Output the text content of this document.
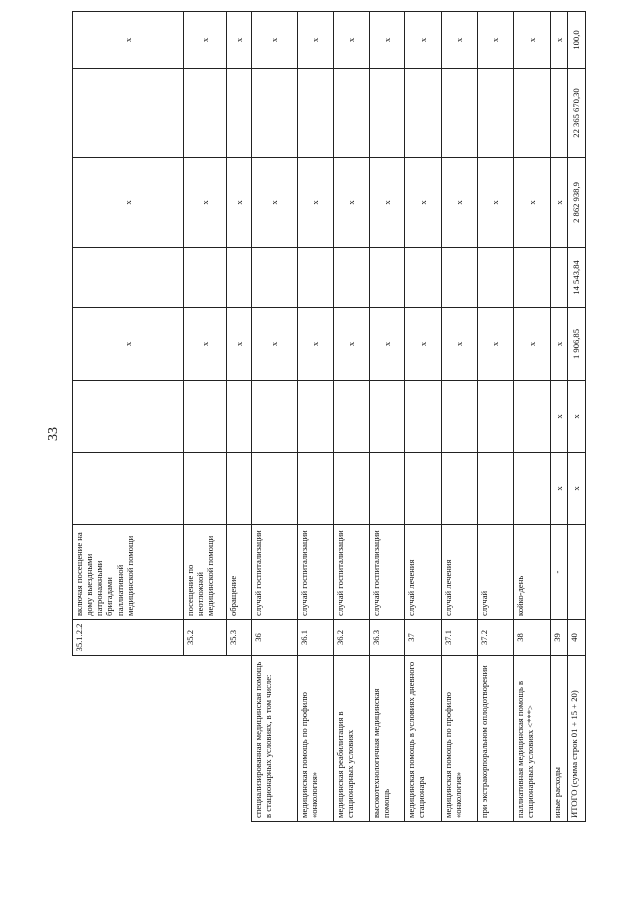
33
	35.1.2.2	включая посещение на дому выездными патронажными бригадами паллиативной медицинской помощи			x		x		x
	35.2	посещение по неотложной медицинской помощи			x		x		x
	35.3	обращение			x		x		x
специализированная медицинская помощь в стационарных условиях, в том числе:	36	случай госпитализации			x		x		x
медицинская помощь по профилю «онкология»	36.1	случай госпитализации			x		x		x
медицинская реабилитация в стационарных условиях	36.2	случай госпитализации			x		x		x
высокотехнологичная медицинская помощь	36.3	случай госпитализации			x		x		x
медицинская помощь в условиях дневного стационара	37	случай лечения			x		x		x
медицинская помощь по профилю «онкология»	37.1	случай лечения			x		x		x
при экстракорпоральном оплодотворении	37.2	случай			x		x		x
паллиативная медицинская помощь в стационарных условиях <***>	38	койко-день			x		x		x
иные расходы	39	-	x	x	x		x		x
ИТОГО (сумма строк 01 + 15 + 20)	40		x	x	1 906,85	14 543,84	2 862 938,9	22 365 670,30	100,0
